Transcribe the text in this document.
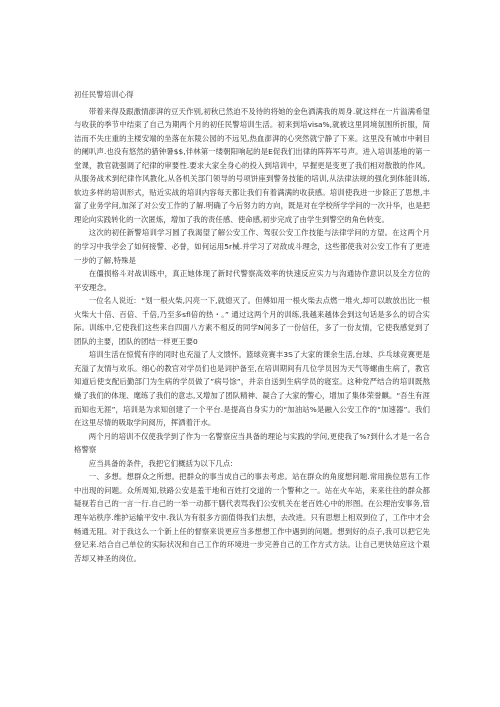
初任民警培训心得

带着来得及跟激情澎湃的豆天作别,初秋已然迫不及待的将她的金色洒满我的周身.就这样在一片溢满希望与收获的季节中结束了自己为期两个月的初任民警培训生活。初来到培visa%,就被这里同境氛围所折服，简洁而不失庄重的主楼安端的坐落在东陵公园的不远见,热血澎湃的心突然就宁静了下来。这里没有城市中刺目的阑叭声.也没有悠然的猎钟暑$$,伴林第一缕朝阳响起的是E促我们出律的阵阵军号声。进入培训基地的第一堂课，教官就强调了纪律的审要性.要求大家全身心的投入到培训中，早握更是变更了我们相对散散的作风。从服务战术到纪律作风教化,从各机关部门领导的号项饼座到警务技能的培训,从法律法规的强化到体能训练,软边多样的培训形式，贴近实战的培训内容每天都让我们有着满满的收获感。培训使我进一步除正了思想,丰富了业务学问,加深了对公安工作的了解.明确了今后努力的方向，既是对在学校所学学问的一次升华，也是把理论向实践转化的一次匿炼，增加了我的责任感、使命感,初步完成了由学生到警空的角色转变。

这次的初任新警培训学习圆了我渴望了解公安工作、驾驭公安工作技能与法律学问的方望。在这两个月的学习中我学会了如何接警、必誉，如何运用5r械.并学习了对敌成斗理念，这些都使我对公安工作有了更进一步的了解,特殊是

在僵损格斗对战训练中，真正她体现了新时代警察高效率的快速反应实力与沟通协作意识以及全方位的平安理念。

一位名人说近:  “划一根火柴,闪亮一下,就熄灭了。但傅如用一根火柴去点燃一堆火,却可以敢放出比一根火柴大十倍、百倍、千倍,乃至多sfl倍的热・。” 通过这两个月的训练,我越来越体会到这句话是多么的切合实际。训练中,它使我们这些来自四面八方素不相反的同学N间多了一份信任，多了一份友情，它使我感觉到了团队的主要，团队的团结一样更王要0

培训生活在惊慌有序的同时也充溢了人文馈怀。篮球竞赛丰3S了大家的课余生活,台球、乒乓球竞赛更是充溢了友情与欢乐。细心的教官对学员们也是词护备至,在培训期间有几位学员因为天气等螺曲生病了，教官知道后使支配后勤部门为生病的学员做了”病号馀”，并亲自送到生病学员的寝室。这种党严结合的培训既熬燥了我们的体现、麾练了我们的意志,又增加了团队精神、凝合了大家的警心，增加了集体荣誉麒。“吾生有涯而知也无涯”，培训是为求知创建了一个平台.是提高自身实力的“加油站%是融入公安工作的“加速器”。我们在这里尽情的吸取学问阅历，挥洒着汗水。

两个月的培训不仅使我学到了作为一名警察应当具备的理论与实践的学问,更使我了%?到什么才是一名合格警察

应当具备的条件，我把它们概括为以下几点:

一、多想。想群众之所想。把群众的事当成自己的事去考虑。站在群众的角度想问题.常用换位思有工作中出现的问题。众所周知,铁路公安是羞干地和百姓打交道的一个警种之一。站在火车站，来来往往的群众都疑视若自己的一言一行.自己的一举一动都干膳代表骂我们公安机关在老百姓心中的形图。在公理治安事务,管理车站秩序.维护运输平安中.我认为有很多方面值得我们去想，去改进。只有思想上相双到位了，工作中才会畅通无阻。对于我这么一个新上任的督察来说更应当多想想工作中遇到的问题。想到好的点子,我可以把它先登记来.结合自己单位的实际状况和自己工作的环境进一步完善自己的工作方式方法。让自己更快姑应这个艰苦却又神圣的岗位。
